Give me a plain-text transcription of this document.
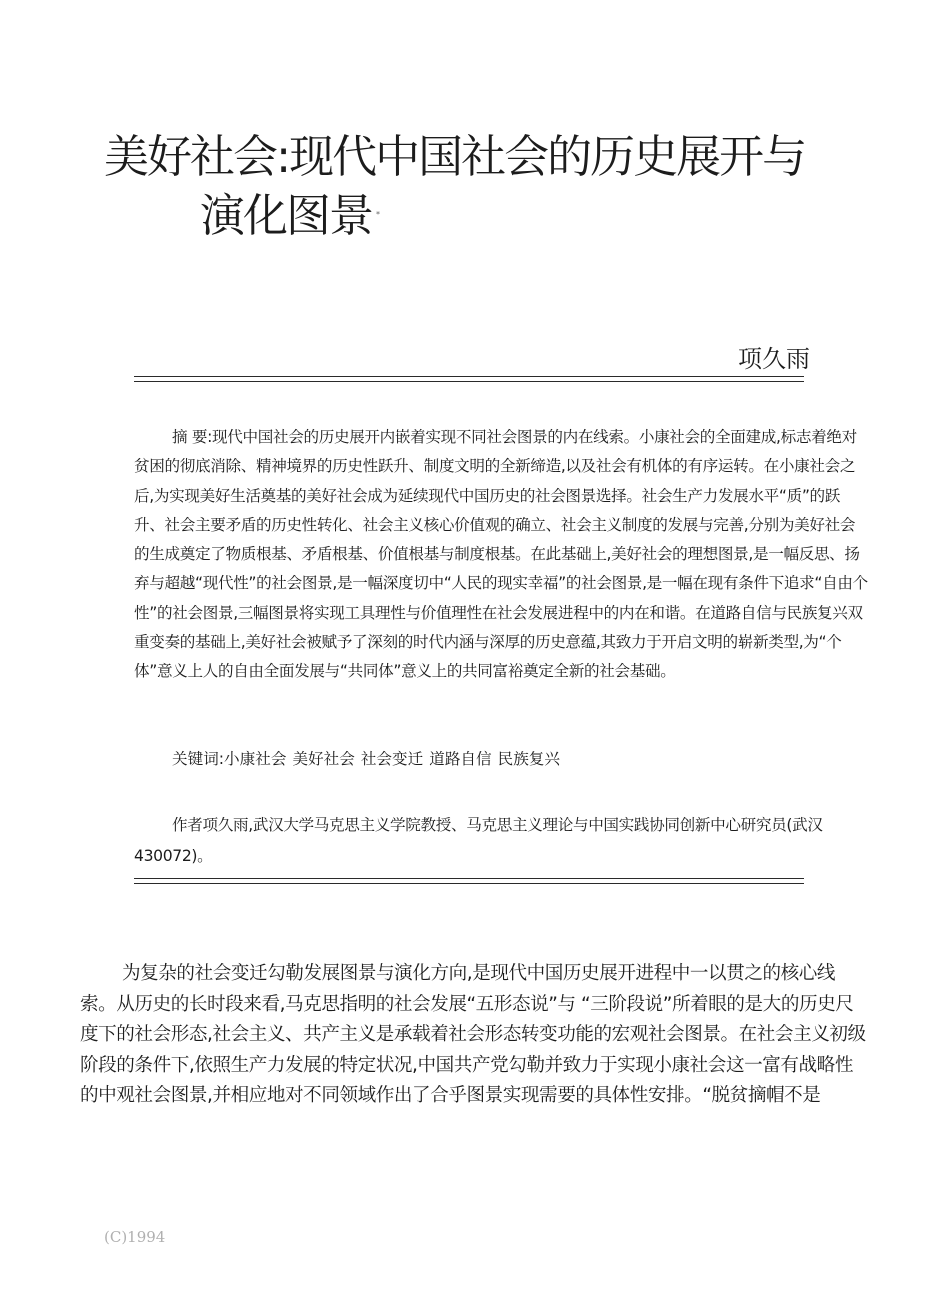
美好社会:现代中国社会的历史展开与
演化图景 *
项久雨

摘 要:现代中国社会的历史展开内嵌着实现不同社会图景的内在线索。小康社会的全面建成,标志着绝对贫困的彻底消除、精神境界的历史性跃升、制度文明的全新缔造,以及社会有机体的有序运转。在小康社会之后,为实现美好生活奠基的美好社会成为延续现代中国历史的社会图景选择。社会生产力发展水平“质”的跃升、社会主要矛盾的历史性转化、社会主义核心价值观的确立、社会主义制度的发展与完善,分别为美好社会的生成奠定了物质根基、矛盾根基、价值根基与制度根基。在此基础上,美好社会的理想图景,是一幅反思、扬弃与超越“现代性”的社会图景,是一幅深度切中“人民的现实幸福”的社会图景,是一幅在现有条件下追求“自由个性”的社会图景,三幅图景将实现工具理性与价值理性在社会发展进程中的内在和谐。在道路自信与民族复兴双重变奏的基础上,美好社会被赋予了深刻的时代内涵与深厚的历史意蕴,其致力于开启文明的崭新类型,为“个体”意义上人的自由全面发展与“共同体”意义上的共同富裕奠定全新的社会基础。

关键词:小康社会 美好社会 社会变迁 道路自信 民族复兴

作者项久雨,武汉大学马克思主义学院教授、马克思主义理论与中国实践协同创新中心研究员(武汉 430072)。

为复杂的社会变迁勾勒发展图景与演化方向,是现代中国历史展开进程中一以贯之的核心线索。从历史的长时段来看,马克思指明的社会发展“五形态说”与 “三阶段说”所着眼的是大的历史尺度下的社会形态,社会主义、共产主义是承载着社会形态转变功能的宏观社会图景。在社会主义初级阶段的条件下,依照生产力发展的特定状况,中国共产党勾勒并致力于实现小康社会这一富有战略性的中观社会图景,并相应地对不同领域作出了合乎图景实现需要的具体性安排。“脱贫摘帽不是

(C)1994
